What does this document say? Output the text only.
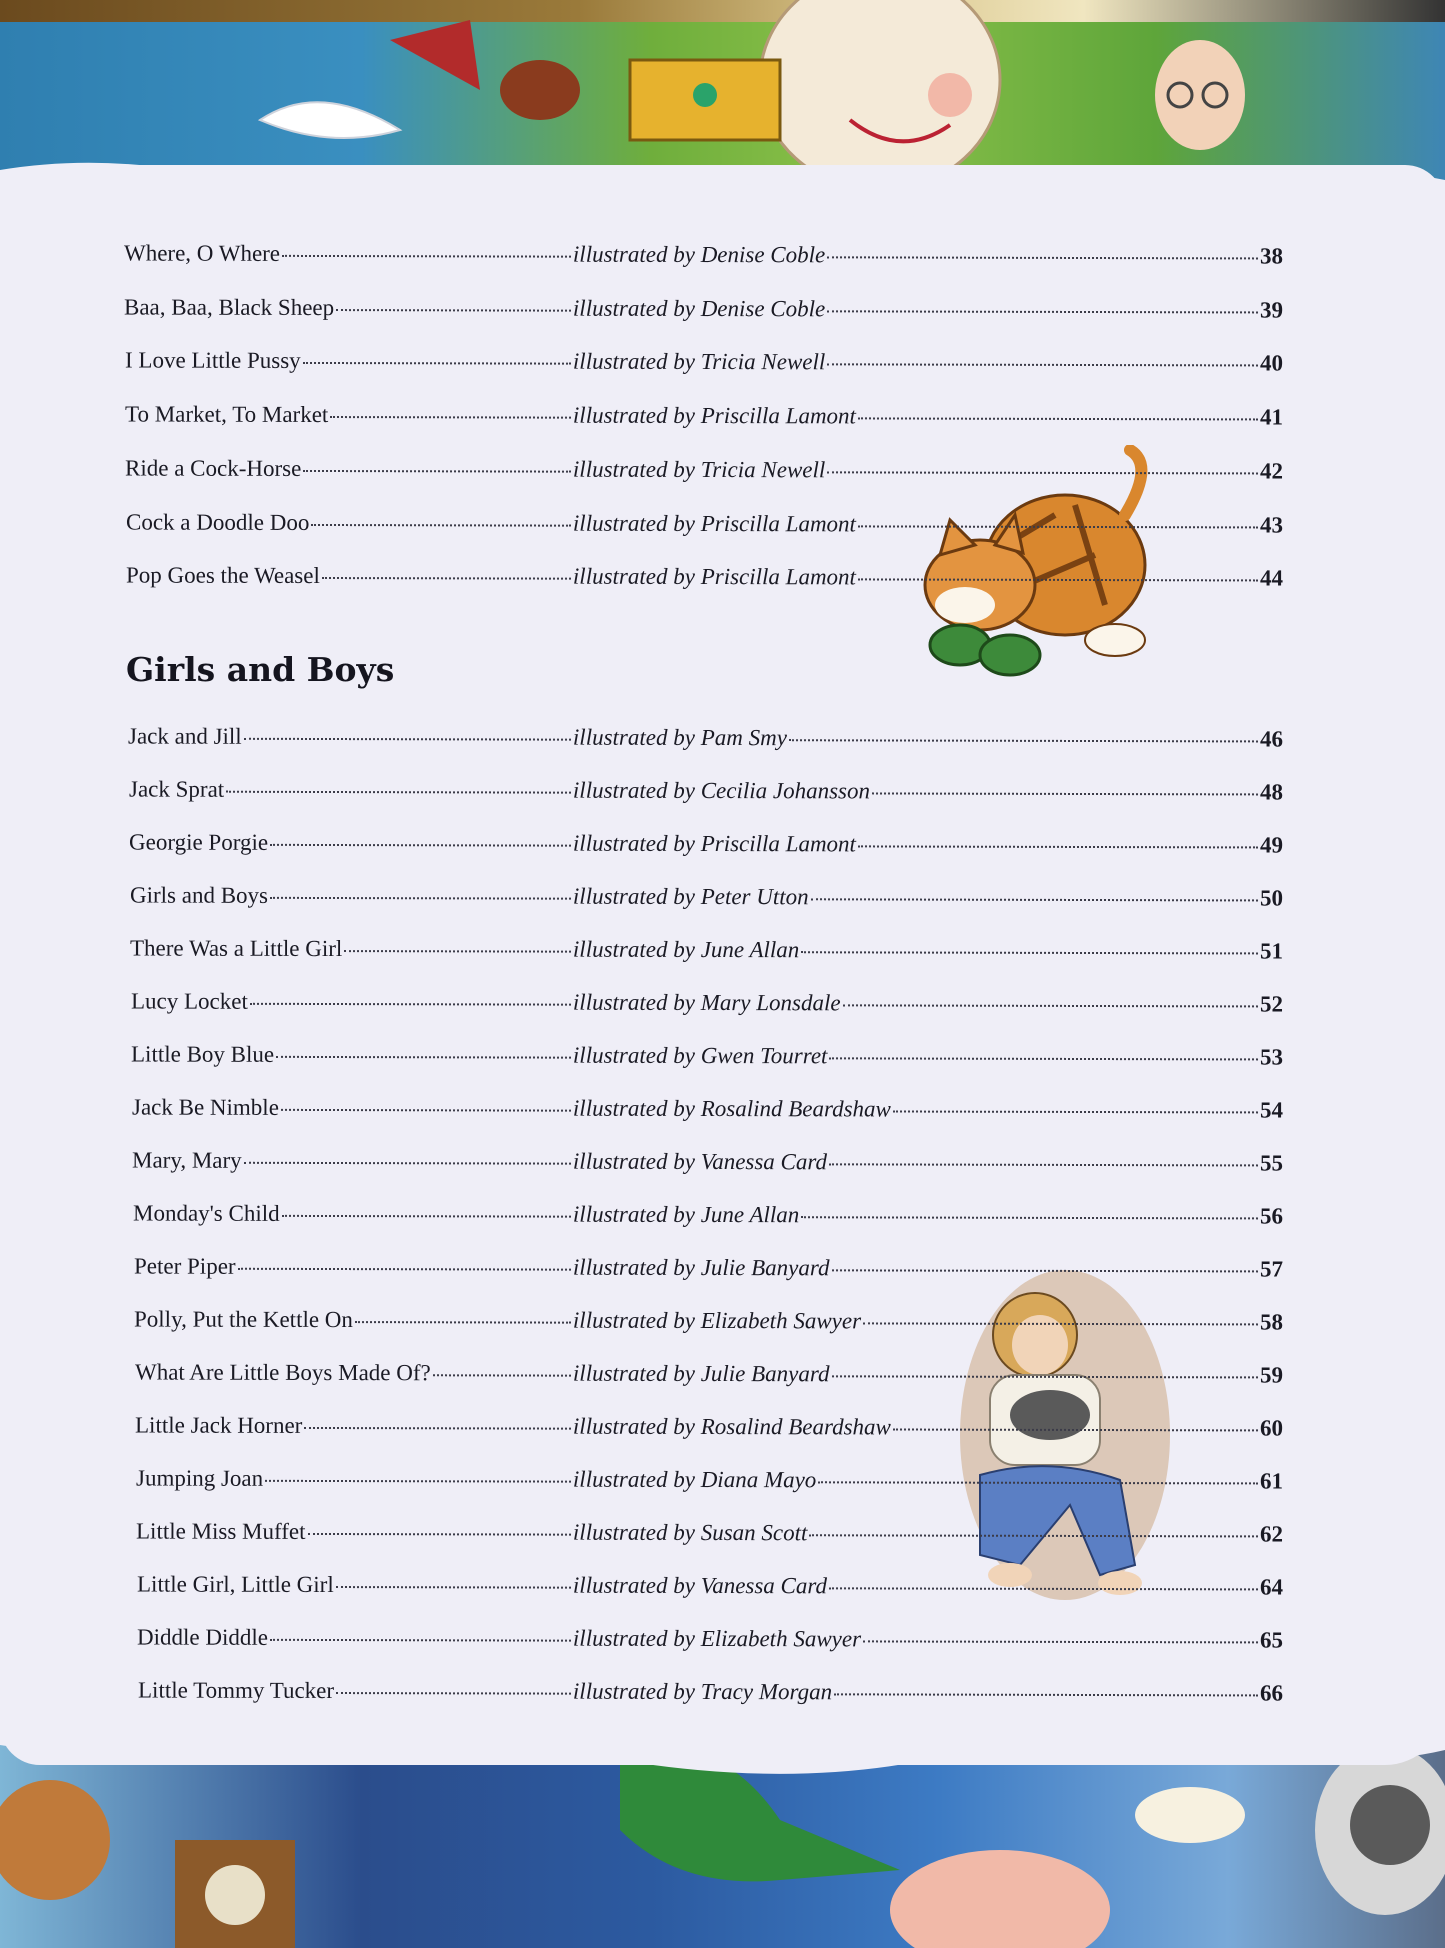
Where, O Where	illustrated by Denise Coble	38
Baa, Baa, Black Sheep	illustrated by Denise Coble	39
I Love Little Pussy	illustrated by Tricia Newell	40
To Market, To Market	illustrated by Priscilla Lamont	41
Ride a Cock-Horse	illustrated by Tricia Newell	42
Cock a Doodle Doo	illustrated by Priscilla Lamont	43
Pop Goes the Weasel	illustrated by Priscilla Lamont	44
Jack and Jill	illustrated by Pam Smy	46
Jack Sprat	illustrated by Cecilia Johansson	48
Georgie Porgie	illustrated by Priscilla Lamont	49
Girls and Boys	illustrated by Peter Utton	50
There Was a Little Girl	illustrated by June Allan	51
Lucy Locket	illustrated by Mary Lonsdale	52
Little Boy Blue	illustrated by Gwen Tourret	53
Jack Be Nimble	illustrated by Rosalind Beardshaw	54
Mary, Mary	illustrated by Vanessa Card	55
Monday's Child	illustrated by June Allan	56
Peter Piper	illustrated by Julie Banyard	57
Polly, Put the Kettle On	illustrated by Elizabeth Sawyer	58
What Are Little Boys Made Of?	illustrated by Julie Banyard	59
Little Jack Horner	illustrated by Rosalind Beardshaw	60
Jumping Joan	illustrated by Diana Mayo	61
Little Miss Muffet	illustrated by Susan Scott	62
Little Girl, Little Girl	illustrated by Vanessa Card	64
Diddle Diddle	illustrated by Elizabeth Sawyer	65
Little Tommy Tucker	illustrated by Tracy Morgan	66
Girls and Boys
